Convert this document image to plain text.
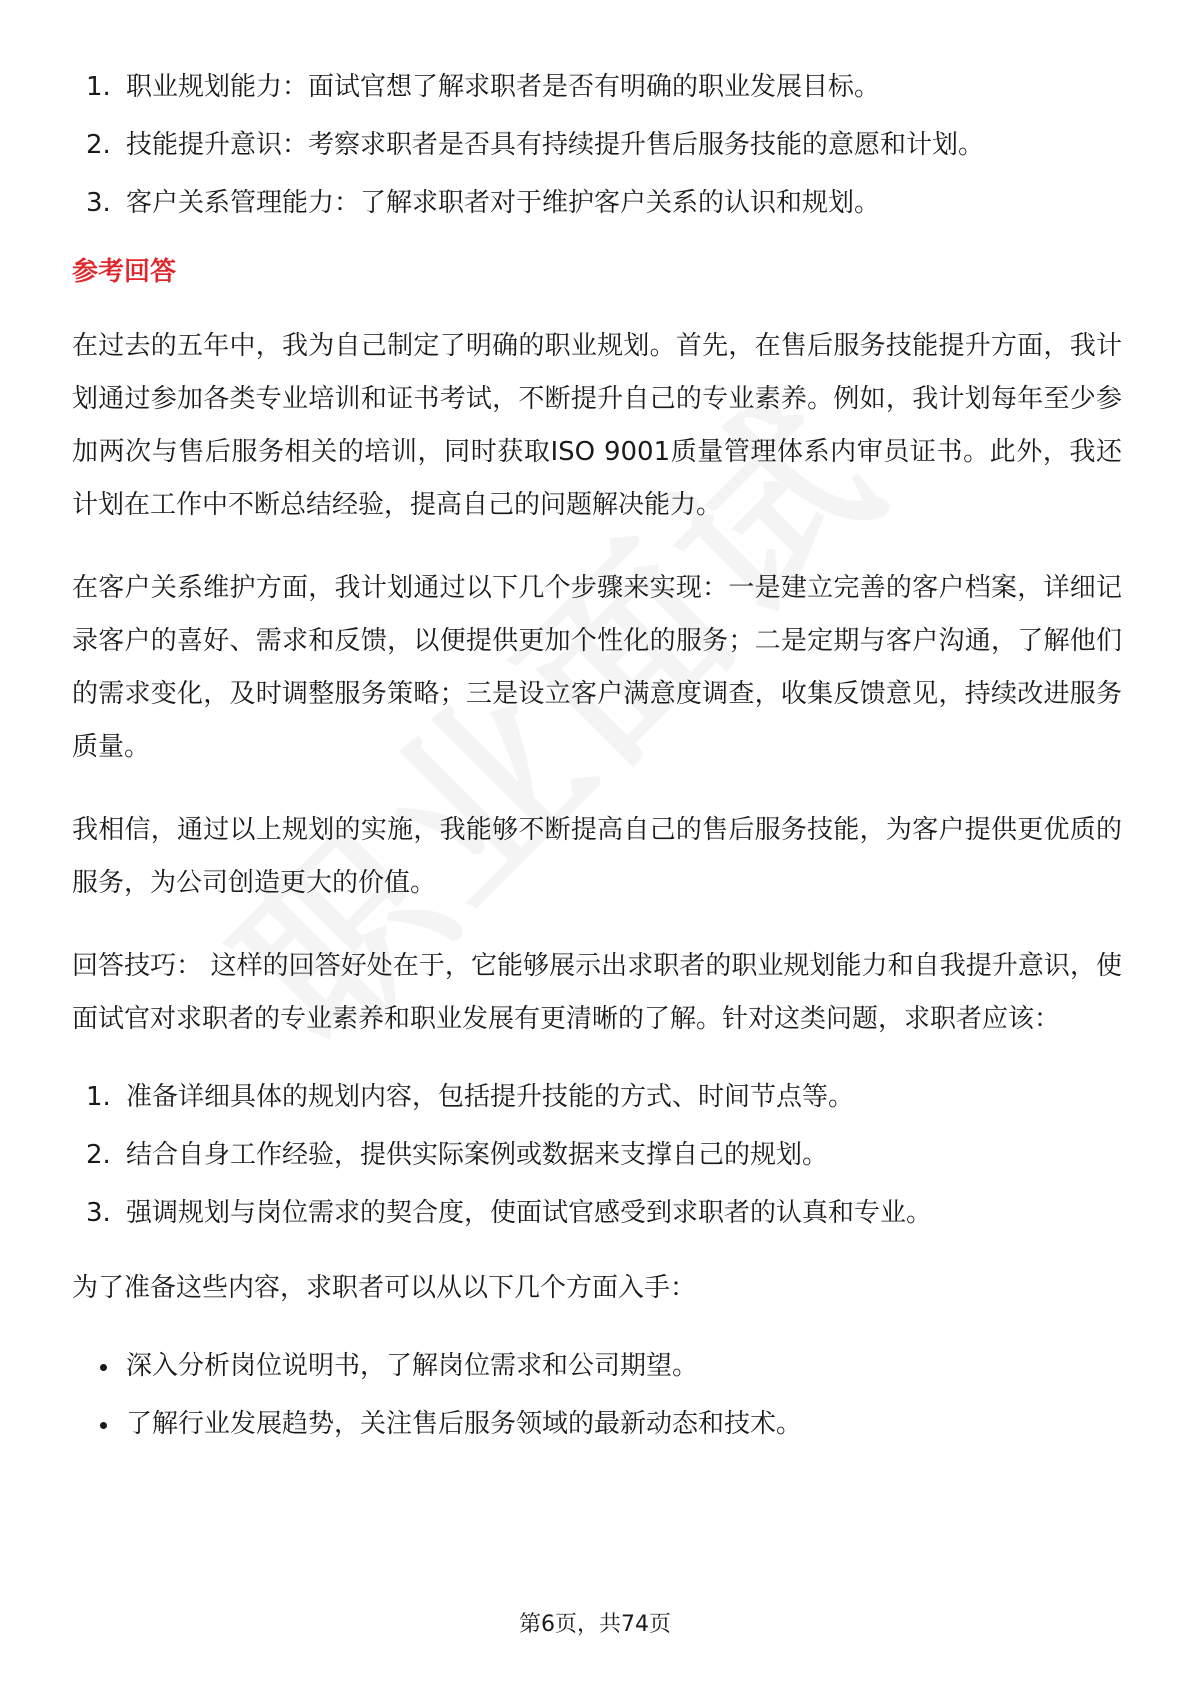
1. 职业规划能力：面试官想了解求职者是否有明确的职业发展目标。
2. 技能提升意识：考察求职者是否具有持续提升售后服务技能的意愿和计划。
3. 客户关系管理能力：了解求职者对于维护客户关系的认识和规划。
参考回答

在过去的五年中，我为自己制定了明确的职业规划。首先，在售后服务技能提升方面，我计划通过参加各类专业培训和证书考试，不断提升自己的专业素养。例如，我计划每年至少参加两次与售后服务相关的培训，同时获取ISO 9001质量管理体系内审员证书。此外，我还计划在工作中不断总结经验，提高自己的问题解决能力。

在客户关系维护方面，我计划通过以下几个步骤来实现：一是建立完善的客户档案，详细记录客户的喜好、需求和反馈，以便提供更加个性化的服务；二是定期与客户沟通，了解他们的需求变化，及时调整服务策略；三是设立客户满意度调查，收集反馈意见，持续改进服务质量。

我相信，通过以上规划的实施，我能够不断提高自己的售后服务技能，为客户提供更优质的服务，为公司创造更大的价值。

回答技巧： 这样的回答好处在于，它能够展示出求职者的职业规划能力和自我提升意识，使面试官对求职者的专业素养和职业发展有更清晰的了解。针对这类问题，求职者应该：

1. 准备详细具体的规划内容，包括提升技能的方式、时间节点等。
2. 结合自身工作经验，提供实际案例或数据来支撑自己的规划。
3. 强调规划与岗位需求的契合度，使面试官感受到求职者的认真和专业。

为了准备这些内容，求职者可以从以下几个方面入手：

深入分析岗位说明书，了解岗位需求和公司期望。
了解行业发展趋势，关注售后服务领域的最新动态和技术。
第6页，共74页
